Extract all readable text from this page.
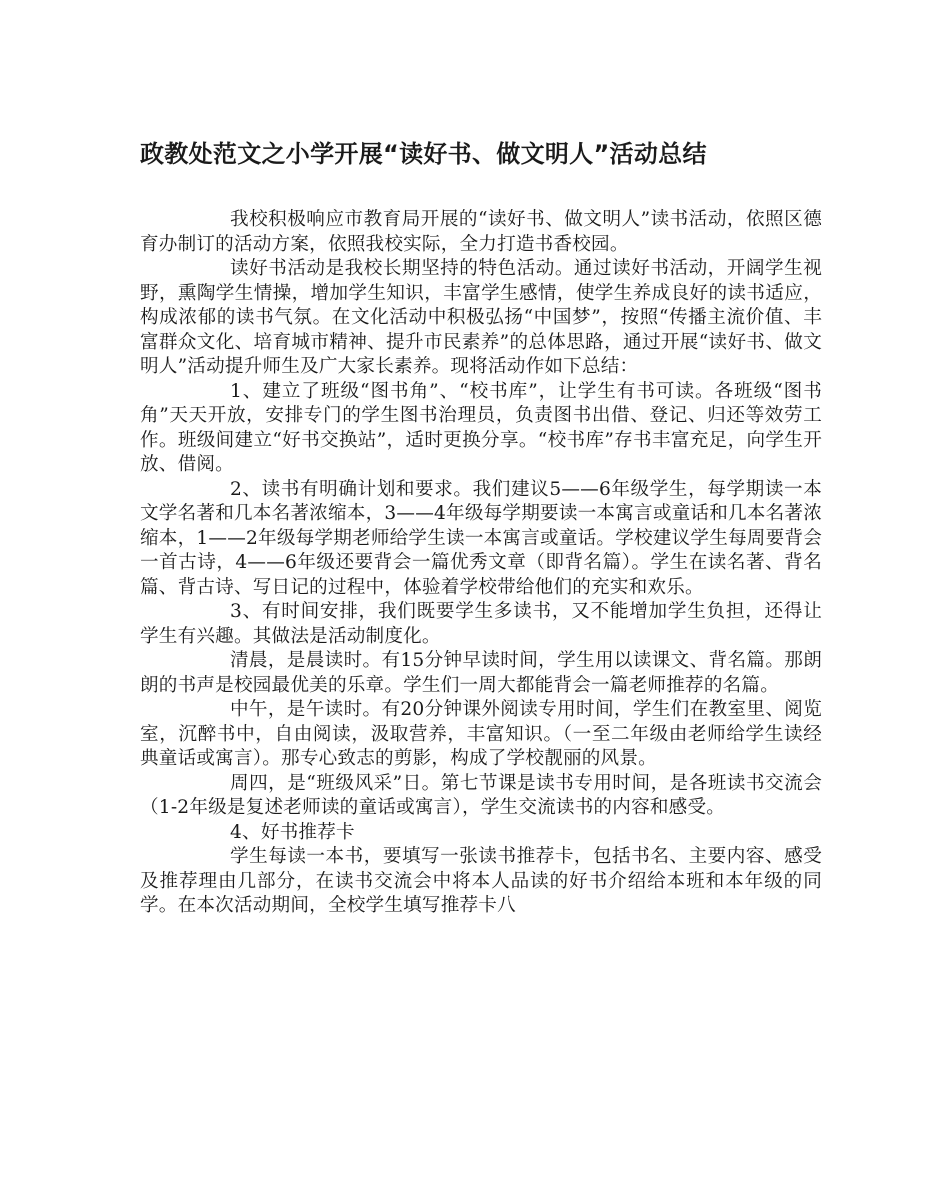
政教处范文之小学开展“读好书、做文明人”活动总结

我校积极响应市教育局开展的“读好书、做文明人”读书活动，依照区德育办制订的活动方案，依照我校实际，全力打造书香校园。

读好书活动是我校长期坚持的特色活动。通过读好书活动，开阔学生视野，熏陶学生情操，增加学生知识，丰富学生感情，使学生养成良好的读书适应，构成浓郁的读书气氛。在文化活动中积极弘扬“中国梦”，按照“传播主流价值、丰富群众文化、培育城市精神、提升市民素养”的总体思路，通过开展“读好书、做文明人”活动提升师生及广大家长素养。现将活动作如下总结：

1、建立了班级“图书角”、“校书库”，让学生有书可读。各班级“图书角”天天开放，安排专门的学生图书治理员，负责图书出借、登记、归还等效劳工作。班级间建立“好书交换站”，适时更换分享。“校书库”存书丰富充足，向学生开放、借阅。

2、读书有明确计划和要求。我们建议5——6年级学生，每学期读一本文学名著和几本名著浓缩本，3——4年级每学期要读一本寓言或童话和几本名著浓缩本，1——2年级每学期老师给学生读一本寓言或童话。学校建议学生每周要背会一首古诗，4——6年级还要背会一篇优秀文章（即背名篇）。学生在读名著、背名篇、背古诗、写日记的过程中，体验着学校带给他们的充实和欢乐。

3、有时间安排，我们既要学生多读书，又不能增加学生负担，还得让学生有兴趣。其做法是活动制度化。

清晨，是晨读时。有15分钟早读时间，学生用以读课文、背名篇。那朗朗的书声是校园最优美的乐章。学生们一周大都能背会一篇老师推荐的名篇。

中午，是午读时。有20分钟课外阅读专用时间，学生们在教室里、阅览室，沉醉书中，自由阅读，汲取营养，丰富知识。（一至二年级由老师给学生读经典童话或寓言）。那专心致志的剪影，构成了学校靓丽的风景。

周四，是“班级风采”日。第七节课是读书专用时间，是各班读书交流会（1-2年级是复述老师读的童话或寓言），学生交流读书的内容和感受。

4、好书推荐卡

学生每读一本书，要填写一张读书推荐卡，包括书名、主要内容、感受及推荐理由几部分，在读书交流会中将本人品读的好书介绍给本班和本年级的同学。在本次活动期间，全校学生填写推荐卡八
